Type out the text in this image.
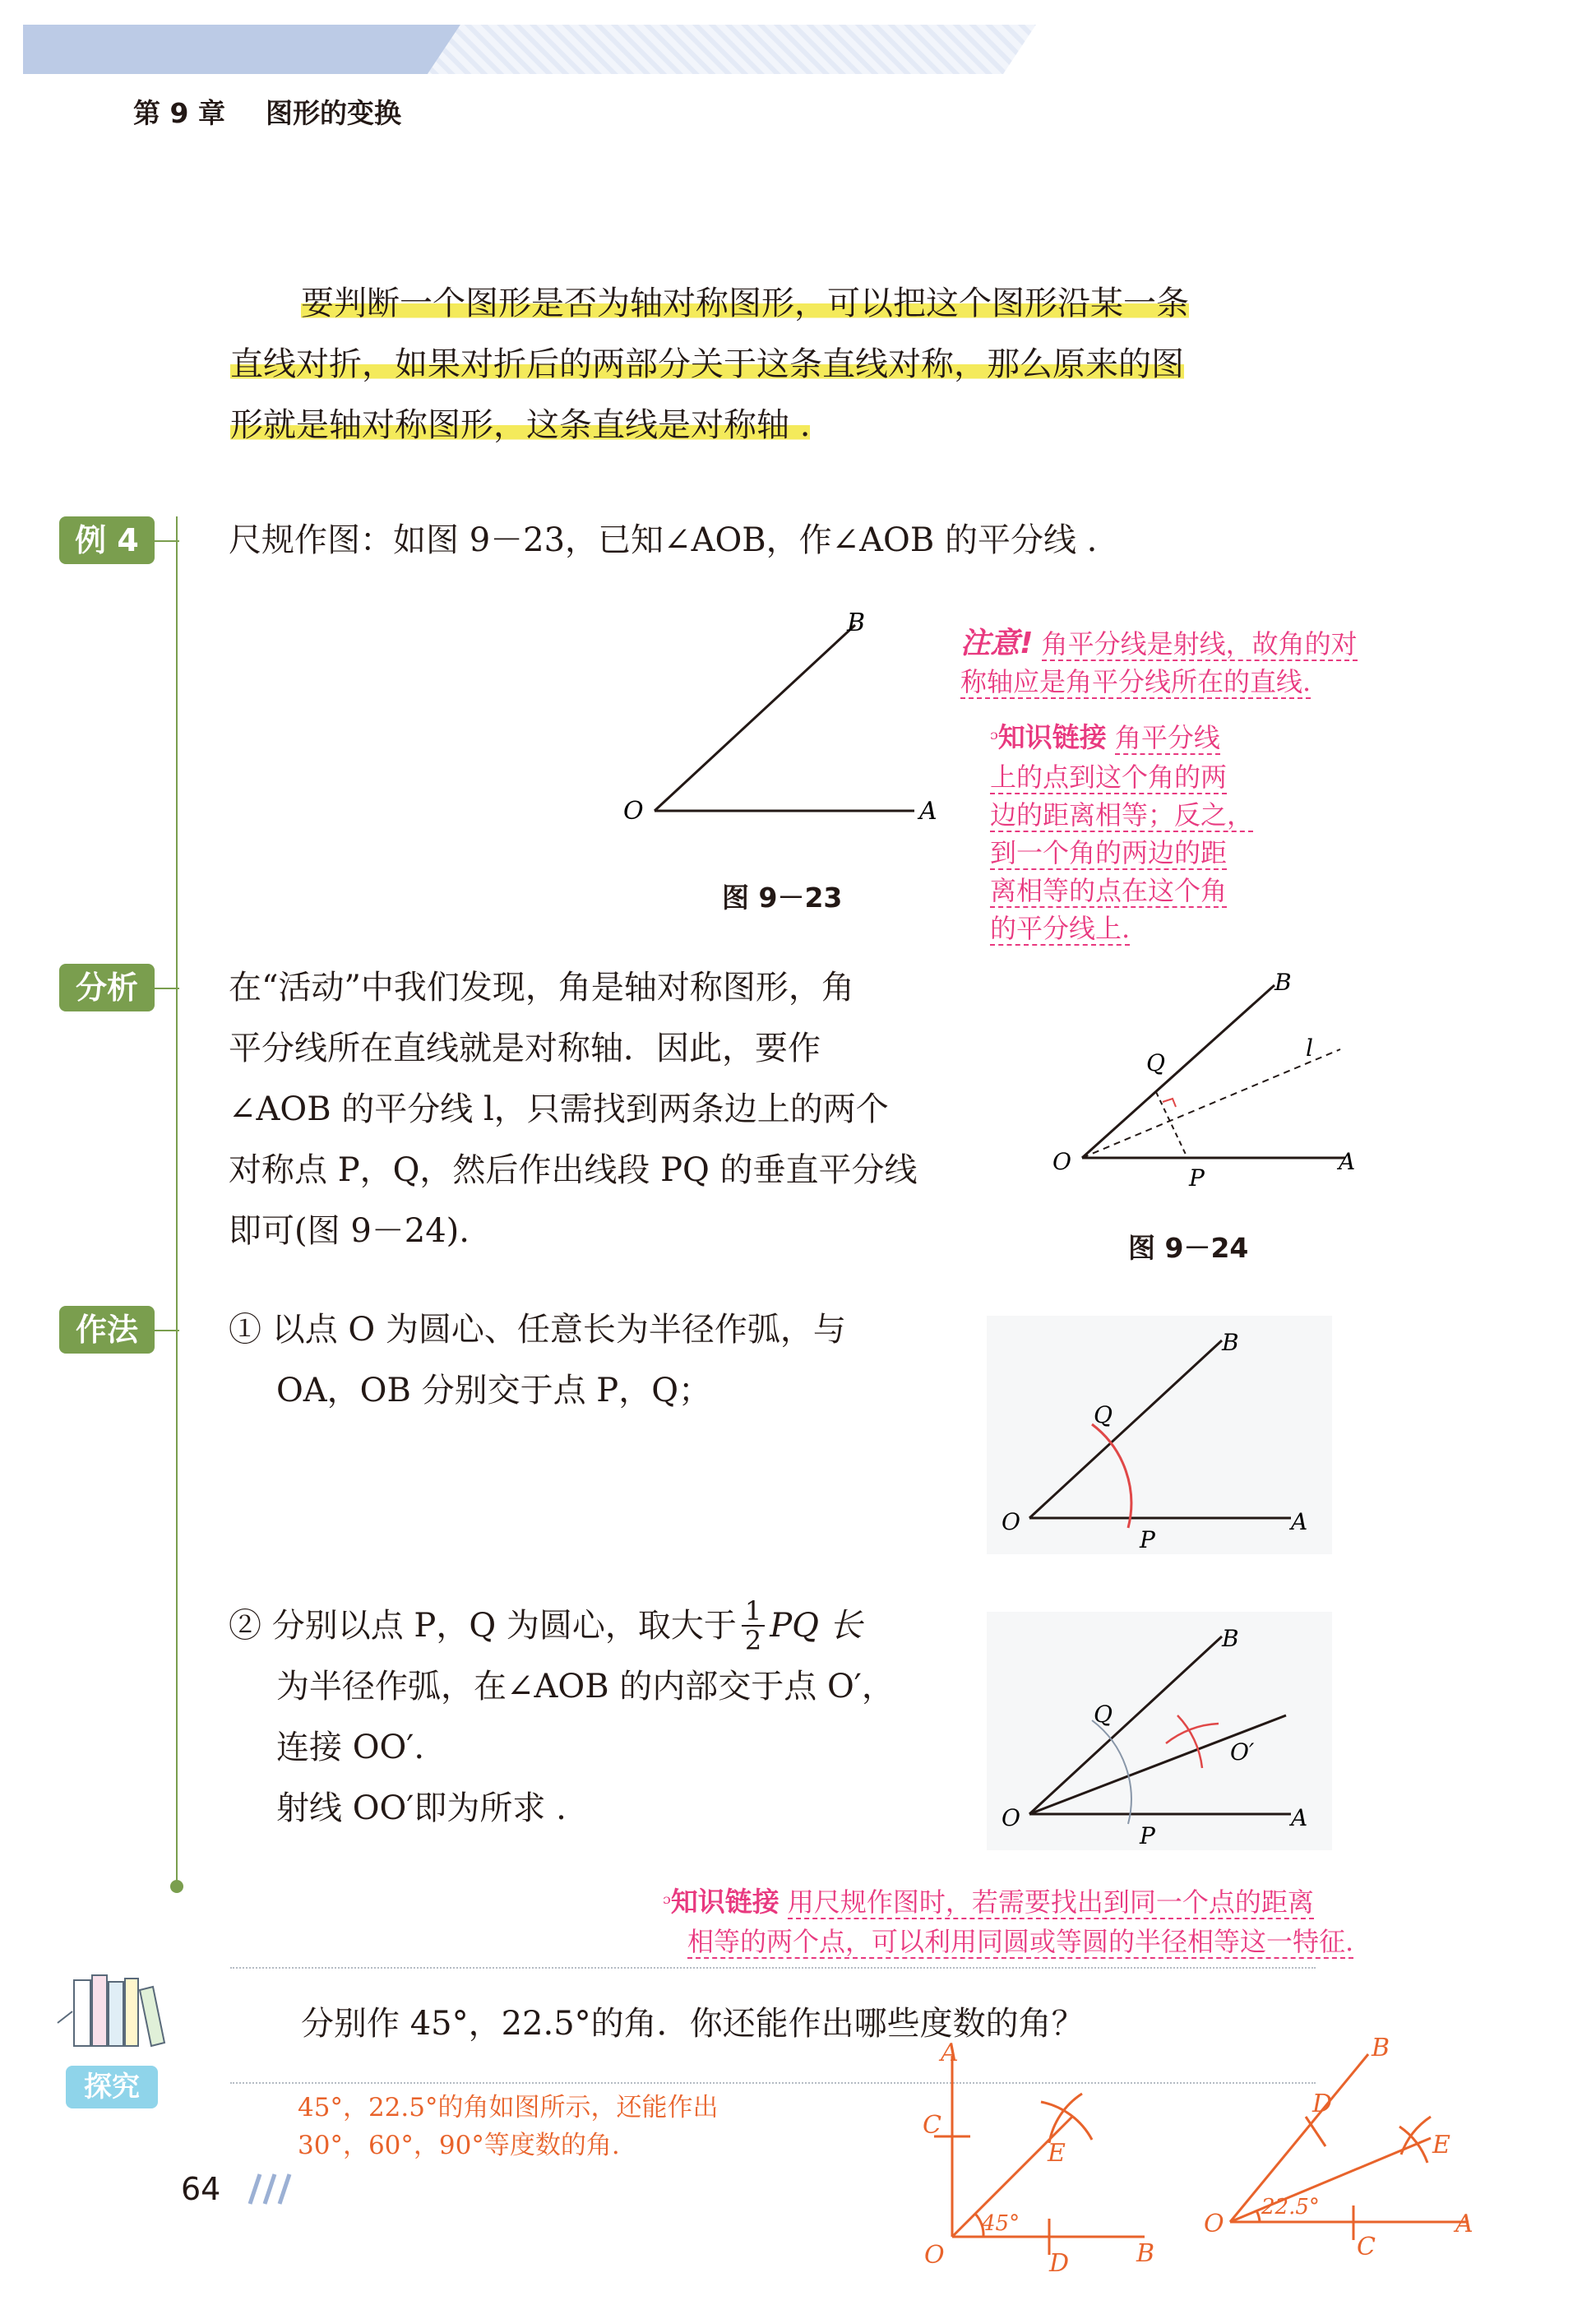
第 9 章 图形的变换
要判断一个图形是否为轴对称图形，可以把这个图形沿某一条
直线对折，如果对折后的两部分关于这条直线对称，那么原来的图
形就是轴对称图形，这条直线是对称轴 .
例 4	尺规作图：如图 9－23，已知∠AOB，作∠AOB 的平分线 .
B
O	A
图 9－23
注意! 角平分线是射线，故角的对
称轴应是角平分线所在的直线.
ᵓ知识链接 角平分线
上的点到这个角的两
边的距离相等；反之，
到一个角的两边的距
离相等的点在这个角
的平分线上.
分析	在“活动”中我们发现，角是轴对称图形，角
平分线所在直线就是对称轴．因此，要作
∠AOB 的平分线 l，只需找到两条边上的两个
对称点 P，Q，然后作出线段 PQ 的垂直平分线
即可(图 9－24).
B
Q
l
O
P
A
图 9－24
作法	① 以点 O 为圆心、任意长为半径作弧，与
OA，OB 分别交于点 P，Q；
B
Q
O
P
A
② 分别以点 P，Q 为圆心，取大于 $\frac{1}{2}$ PQ 长
为半径作弧，在∠AOB 的内部交于点 O′，
连接 OO′.
射线 OO′即为所求 .
B
Q
O′
O
P
A
ᵓ知识链接 用尺规作图时，若需要找出到同一个点的距离
相等的两个点，可以利用同圆或等圆的半径相等这一特征.
探究
分别作 45°，22.5°的角．你还能作出哪些度数的角？
45°，22.5°的角如图所示，还能作出
30°，60°，90°等度数的角.
A
C
E
45°
O	D	B
B
D
E
22.5°
O
C
A
64
